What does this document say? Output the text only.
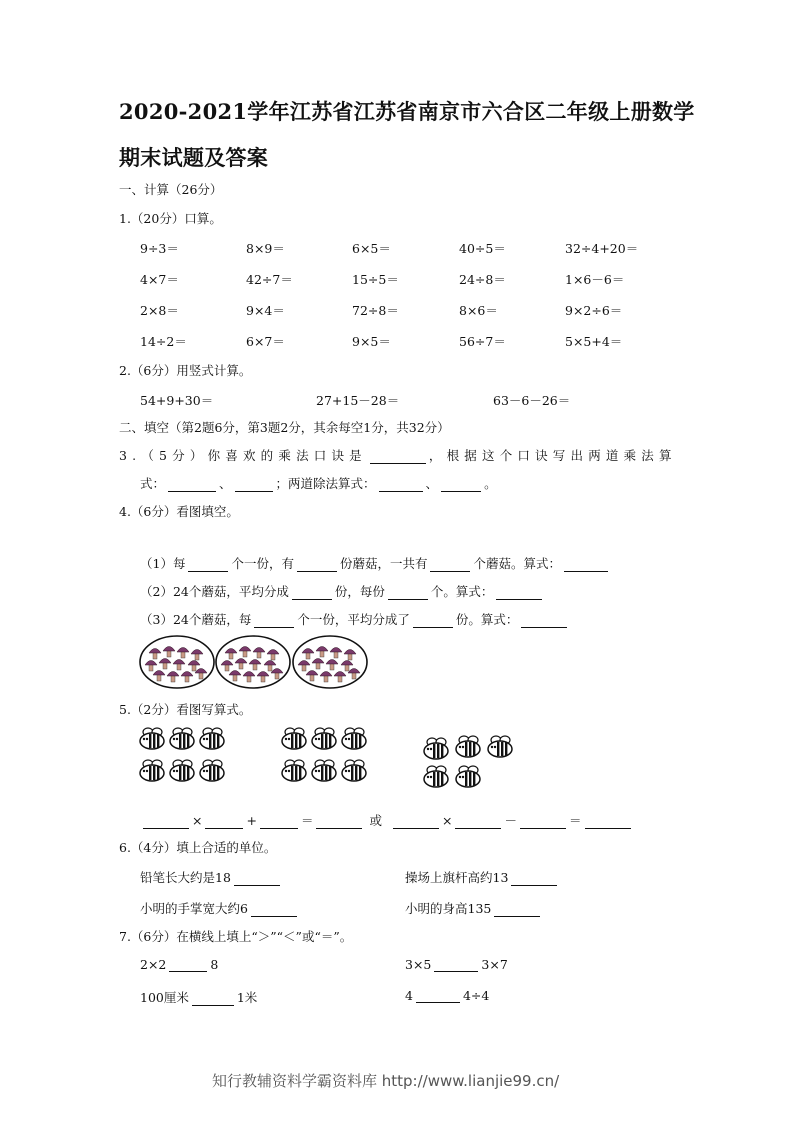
2020-2021学年江苏省江苏省南京市六合区二年级上册数学
期末试题及答案
一、计算（26分）
1.（20分）口算。
9÷3＝	8×9＝	6×5＝	40÷5＝	32÷4+20＝
4×7＝	42÷7＝	15÷5＝	24÷8＝	1×6－6＝
2×8＝	9×4＝	72÷8＝	8×6＝	9×2÷6＝
14÷2＝	6×7＝	9×5＝	56÷7＝	5×5+4＝
2.（6分）用竖式计算。
54+9+30＝	27+15－28＝	63－6－26＝
二、填空（第2题6分，第3题2分，其余每空1分，共32分）
3.（5分）你喜欢的乘法口诀是	，根据这个口诀写出两道乘法算
式：	、	；两道除法算式：	、	。
4.（6分）看图填空。
（1）每	个一份，有	份蘑菇，一共有	个蘑菇。算式：
（2）24个蘑菇，平均分成	份，每份	个。算式：
（3）24个蘑菇，每	个一份，平均分成了	份。算式：
5.（2分）看图写算式。
×	+	＝	或	×	－	＝
6.（4分）填上合适的单位。
铅笔长大约是18	操场上旗杆高约13
小明的手掌宽大约6	小明的身高135
7.（6分）在横线上填上“＞”“＜”或“＝”。
2×2	8	3×5	3×7
100厘米	1米	4	4÷4
知行教辅资料学霸资料库 http://www.lianjie99.cn/
